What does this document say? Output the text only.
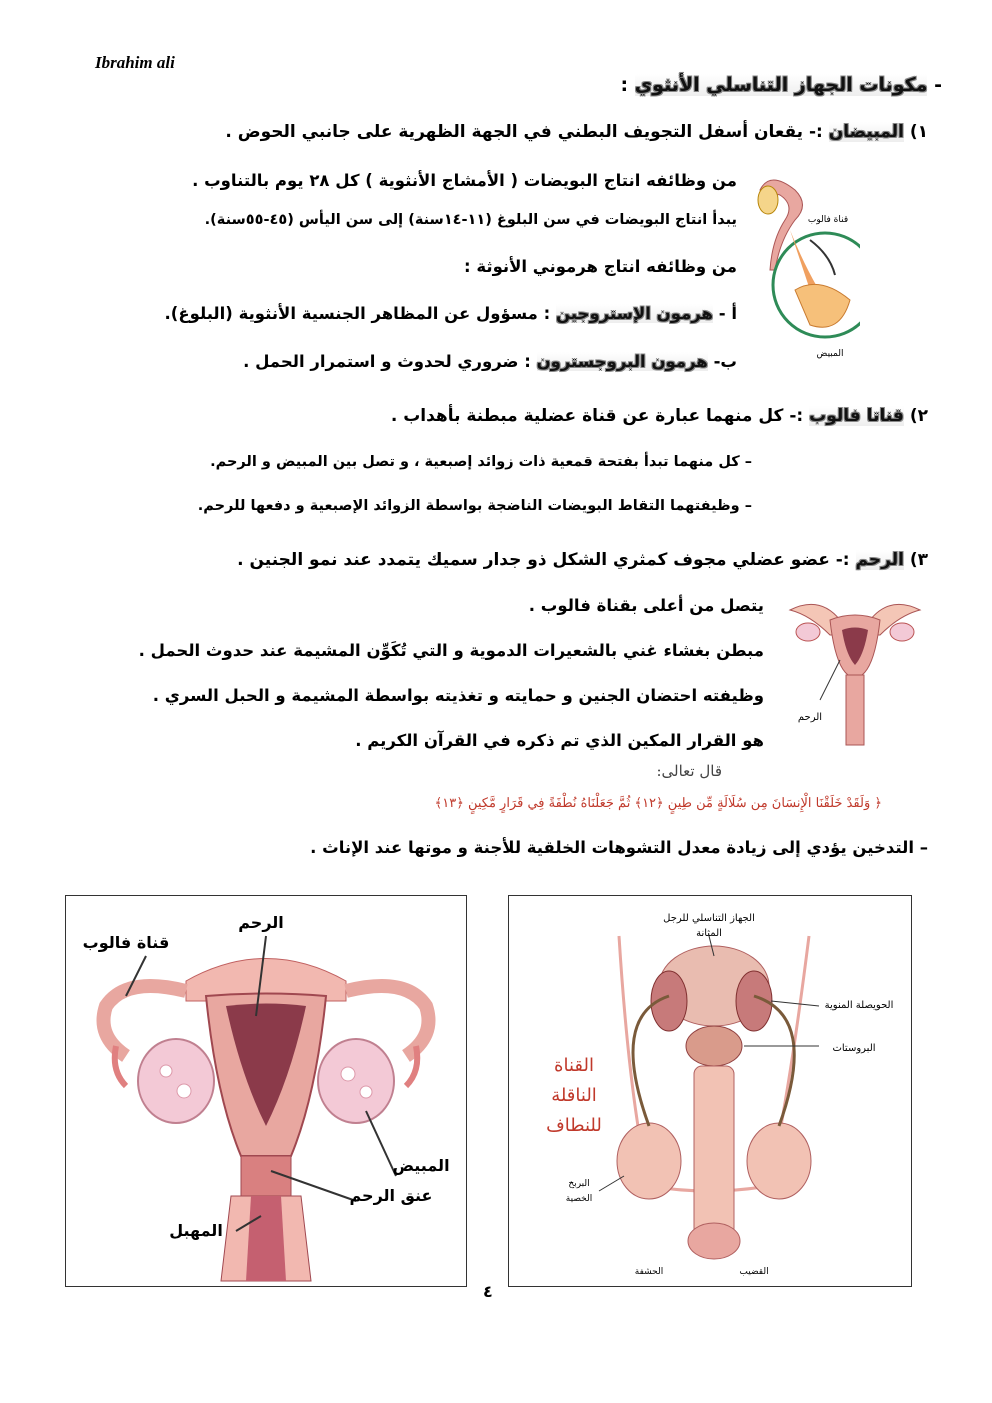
Ibrahim ali
- مكونات الجهاز التناسلي الأنثوي :
١) المبيضان :- يقعان أسفل التجويف البطني في الجهة الظهرية على جانبي الحوض .
من وظائفه انتاج البويضات ( الأمشاج الأنثوية ) كل ٢٨ يوم بالتناوب .
يبدأ انتاج البويضات في سن البلوغ (١١-١٤سنة) إلى سن اليأس (٤٥-٥٥سنة).
من وظائفه انتاج هرموني الأنوثة :
أ - هرمون الإستروجين : مسؤول عن المظاهر الجنسية الأنثوية (البلوغ).
ب- هرمون البروجسترون : ضروري لحدوث و استمرار الحمل .
قناة فالوب
المبيض
٢) قناتا فالوب :- كل منهما عبارة عن قناة عضلية مبطنة بأهداب .
– كل منهما تبدأ بفتحة قمعية ذات زوائد إصبعية ، و تصل بين المبيض و الرحم.
– وظيفتهما التقاط البويضات الناضجة بواسطة الزوائد الإصبعية و دفعها للرحم.
٣) الرحم :- عضو عضلي مجوف كمثري الشكل ذو جدار سميك يتمدد عند نمو الجنين .
يتصل من أعلى بقناة فالوب .
مبطن بغشاء غني بالشعيرات الدموية و التي تُكَوِّن المشيمة عند حدوث الحمل .
وظيفته احتضان الجنين و حمايته و تغذيته بواسطة المشيمة و الحبل السري .
هو القرار المكين الذي تم ذكره في القرآن الكريم .
الرحم
قال تعالى:
﴿ وَلَقَدْ خَلَقْنَا الْإِنسَانَ مِن سُلَالَةٍ مِّن طِينٍ ﴿١٢﴾ ثُمَّ جَعَلْنَاهُ نُطْفَةً فِي قَرَارٍ مَّكِينٍ ﴿١٣﴾
– التدخين يؤدي إلى زيادة معدل التشوهات الخلقية للأجنة و موتها عند الإناث .
الرحم
قناة فالوب
المبيض
عنق الرحم
المهبل
الجهاز التناسلي للرجل
المثانة
الحويصلة المنوية
البروستات
القناة
الناقلة
للنطاف
البربخ
الخصية
الحشفة	القضيب
٤
